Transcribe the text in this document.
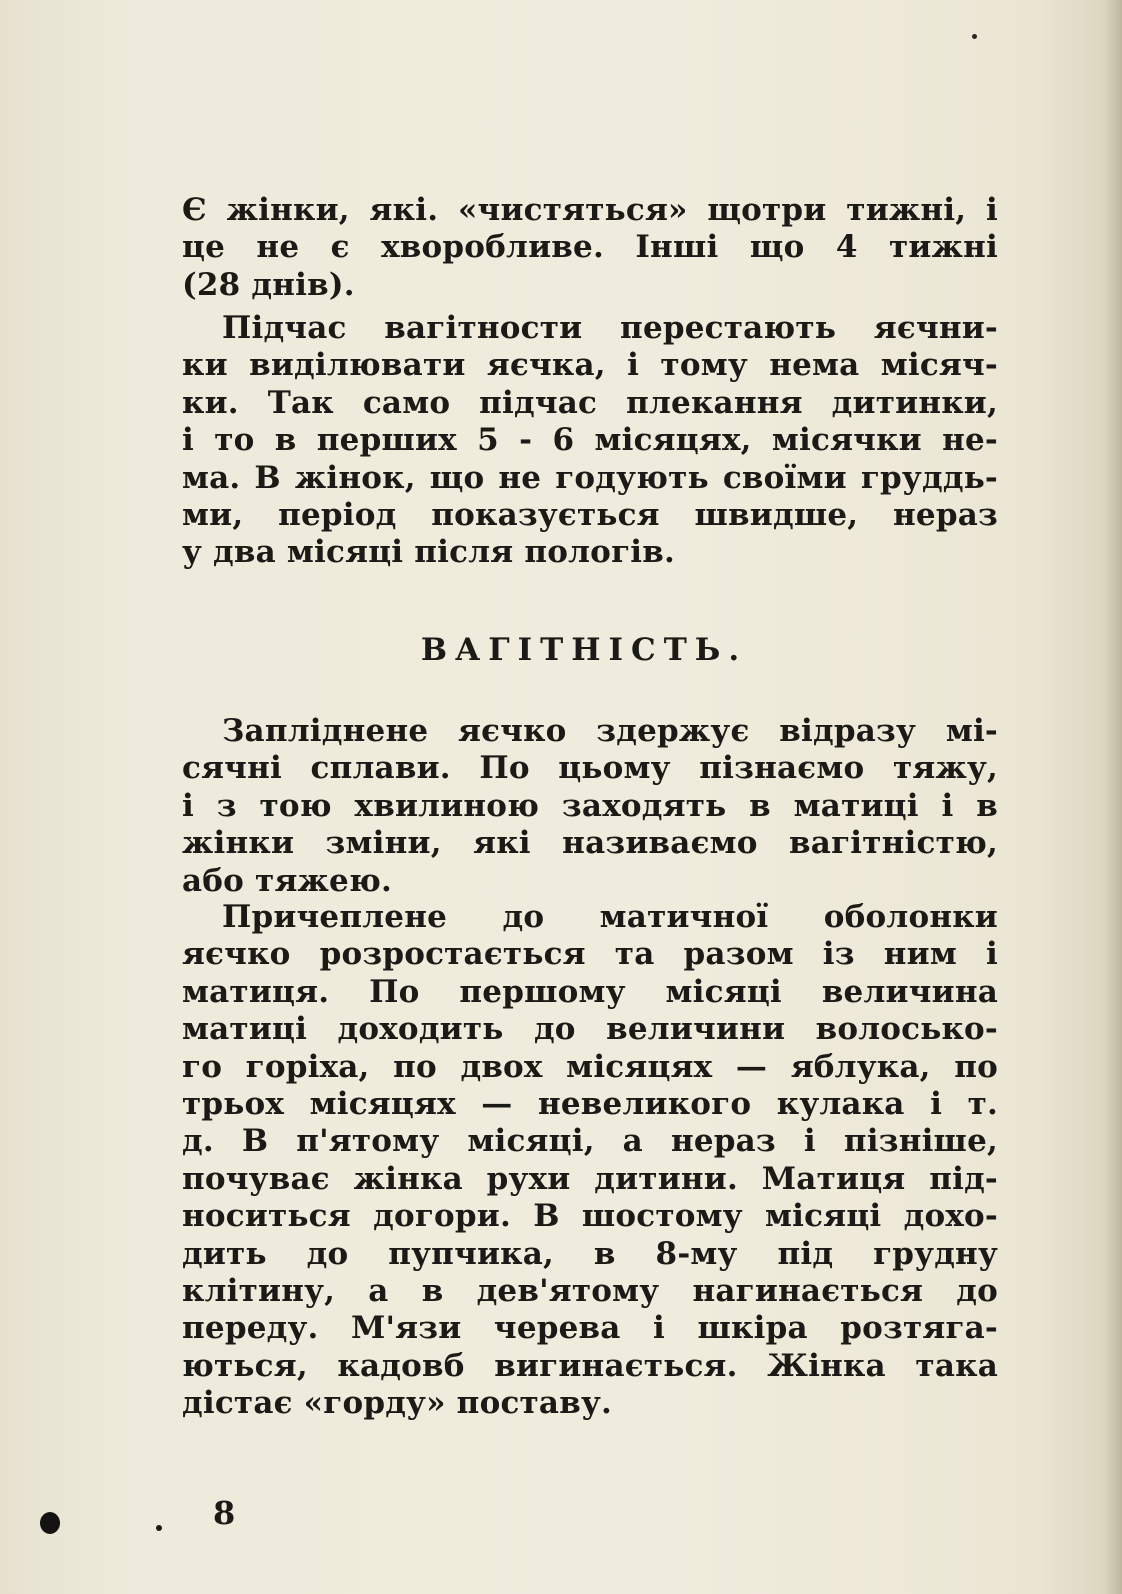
Є жінки, які. «чистяться» щотри тижні, і
це не є хворобливе. Інші що 4 тижні
(28 днів).
Підчас вагітности перестають яєчни-
ки виділювати яєчка, і тому нема місяч-
ки. Так само підчас плекання дитинки,
і то в перших 5 - 6 місяцях, місячки не-
ма. В жінок, що не годують своїми груддь-
ми, період показується швидше, нераз
у два місяці після пологів.
ВАГІТНІСТЬ.
Запліднене яєчко здержує відразу мі-
сячні сплави. По цьому пізнаємо тяжу,
і з тою хвилиною заходять в матиці і в
жінки зміни, які називаємо вагітністю,
або тяжею.
Причеплене до матичної оболонки
яєчко розростається та разом із ним і
матиця. По першому місяці величина
матиці доходить до величини волосько-
го горіха, по двох місяцях — яблука, по
трьох місяцях — невеликого кулака і т.
д. В п'ятому місяці, а нераз і пізніше,
почуває жінка рухи дитини. Матиця під-
носиться догори. В шостому місяці дохо-
дить до пупчика, в 8-му під грудну
клітину, а в дев'ятому нагинається до
переду. М'язи черева і шкіра розтяга-
ються, кадовб вигинається. Жінка така
дістає «горду» поставу.
8
